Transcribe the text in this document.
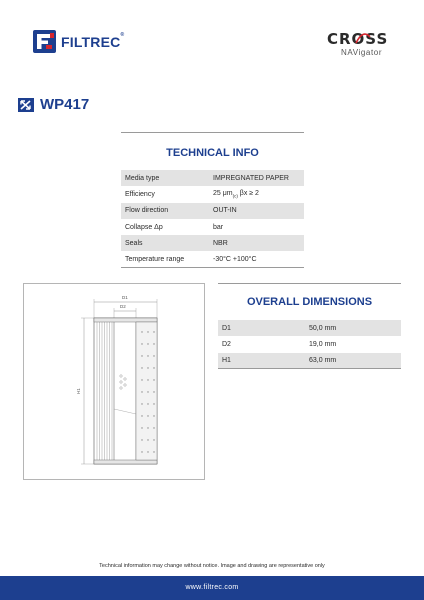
FILTREC®	CROSS
NAVigator
WP417
TECHNICAL INFO
Media type	IMPREGNATED PAPER
Efficiency	25 $\mu m_{(c)}$ βx ≥ 2
Flow direction	OUT-IN
Collapse Δp	bar
Seals	NBR
Temperature range	-30°C +100°C
D1
D2
H1
OVERALL DIMENSIONS
D1	50,0 mm
D2	19,0 mm
H1	63,0 mm
Technical information may change without notice. Image and drawing are representative only
www.filtrec.com
